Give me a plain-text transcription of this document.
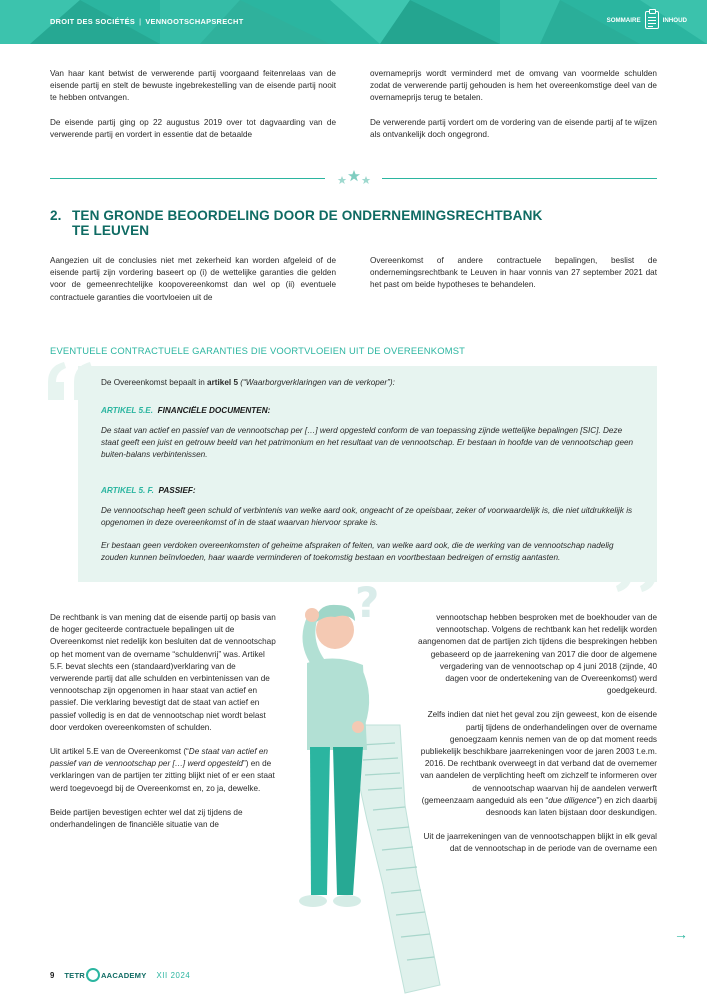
DROIT DES SOCIÉTÉS | VENNOOTSCHAPSRECHT	SOMMAIRE	INHOUD

Van haar kant betwist de verwerende partij voorgaand feitenrelaas van de eisende partij en stelt de bewuste ingebrekestelling van de eisende partij nooit te hebben ontvangen.

De eisende partij ging op 22 augustus 2019 over tot dagvaarding van de verwerende partij en vordert in essentie dat de betaalde

overnameprijs wordt verminderd met de omvang van voormelde schulden zodat de verwerende partij gehouden is hem het overeenkomstige deel van de overnameprijs terug te betalen.

De verwerende partij vordert om de vordering van de eisende partij af te wijzen als ontvankelijk doch ongegrond.

2. TEN GRONDE BEOORDELING DOOR DE ONDERNEMINGSRECHTBANK
TE LEUVEN

Aangezien uit de conclusies niet met zekerheid kan worden afgeleid of de eisende partij zijn vordering baseert op (i) de wettelijke garanties die gelden voor de gemeenrechtelijke koopovereenkomst dan wel op (ii) eventuele contractuele garanties die voortvloeien uit de

Overeenkomst of andere contractuele bepalingen, beslist de ondernemingsrechtbank te Leuven in haar vonnis van 27 september 2021 dat het past om beide hypotheses te behandelen.

EVENTUELE CONTRACTUELE GARANTIES DIE VOORTVLOEIEN UIT DE OVEREENKOMST
De Overeenkomst bepaalt in artikel 5 (“Waarborgverklaringen van de verkoper”):
ARTIKEL 5.E. FINANCIËLE DOCUMENTEN:
De staat van actief en passief van de vennootschap per […] werd opgesteld conform de van toepassing zijnde wettelijke bepalingen [SIC]. Deze staat geeft een juist en getrouw beeld van het patrimonium en het resultaat van de vennootschap. Er bestaan in hoofde van de vennootschap geen buiten-balans verbintenissen.
ARTIKEL 5. F. PASSIEF:
De vennootschap heeft geen schuld of verbintenis van welke aard ook, ongeacht of ze opeisbaar, zeker of voorwaardelijk is, die niet uitdrukkelijk is opgenomen in deze overeenkomst of in de staat waarvan hiervoor sprake is.
Er bestaan geen verdoken overeenkomsten of geheime afspraken of feiten, van welke aard ook, die de werking van de vennootschap nadelig zouden kunnen beïnvloeden, haar waarde verminderen of toekomstig bestaan en voortbestaan bedreigen of ernstig aantasten.

De rechtbank is van mening dat de eisende partij op basis van de hoger geciteerde contractuele bepalingen uit de Overeenkomst niet redelijk kon besluiten dat de vennootschap op het moment van de overname “schuldenvrij” was. Artikel 5.F. bevat slechts een (standaard)verklaring van de verwerende partij dat alle schulden en verbintenissen van de vennootschap zijn opgenomen in haar staat van actief en passief. Die verklaring bevestigt dat de staat van actief en passief volledig is en dat de vennootschap niet wordt belast door verdoken overeenkomsten of schulden.

Uit artikel 5.E van de Overeenkomst (“De staat van actief en passief van de vennootschap per […] werd opgesteld”) en de verklaringen van de partijen ter zitting blijkt niet of er een staat werd toegevoegd bij de Overeenkomst en, zo ja, dewelke.

Beide partijen bevestigen echter wel dat zij tijdens de onderhandelingen de financiële situatie van de

vennootschap hebben besproken met de boekhouder van de vennootschap. Volgens de rechtbank kan het redelijk worden aangenomen dat de partijen zich tijdens die besprekingen hebben gebaseerd op de jaarrekening van 2017 die door de algemene vergadering van de vennootschap op 4 juni 2018 (zijnde, 40 dagen voor de ondertekening van de Overeenkomst) werd goedgekeurd.

Zelfs indien dat niet het geval zou zijn geweest, kon de eisende partij tijdens de onderhandelingen over de overname genoegzaam kennis nemen van de op dat moment reeds publiekelijk beschikbare jaarrekeningen voor de jaren 2003 t.e.m. 2016. De rechtbank overweegt in dat verband dat de overnemer van aandelen de verplichting heeft om zichzelf te informeren over de vennootschap waarvan hij de aandelen verwerft (gemeenzaam aangeduid als een “due diligence”) en zich daarbij desnoods kan laten bijstaan door deskundigen.

Uit de jaarrekeningen van de vennootschappen blijkt in elk geval dat de vennootschap in de periode van de overname een

?
9 TETR A ACADEMY XII 2024
→
